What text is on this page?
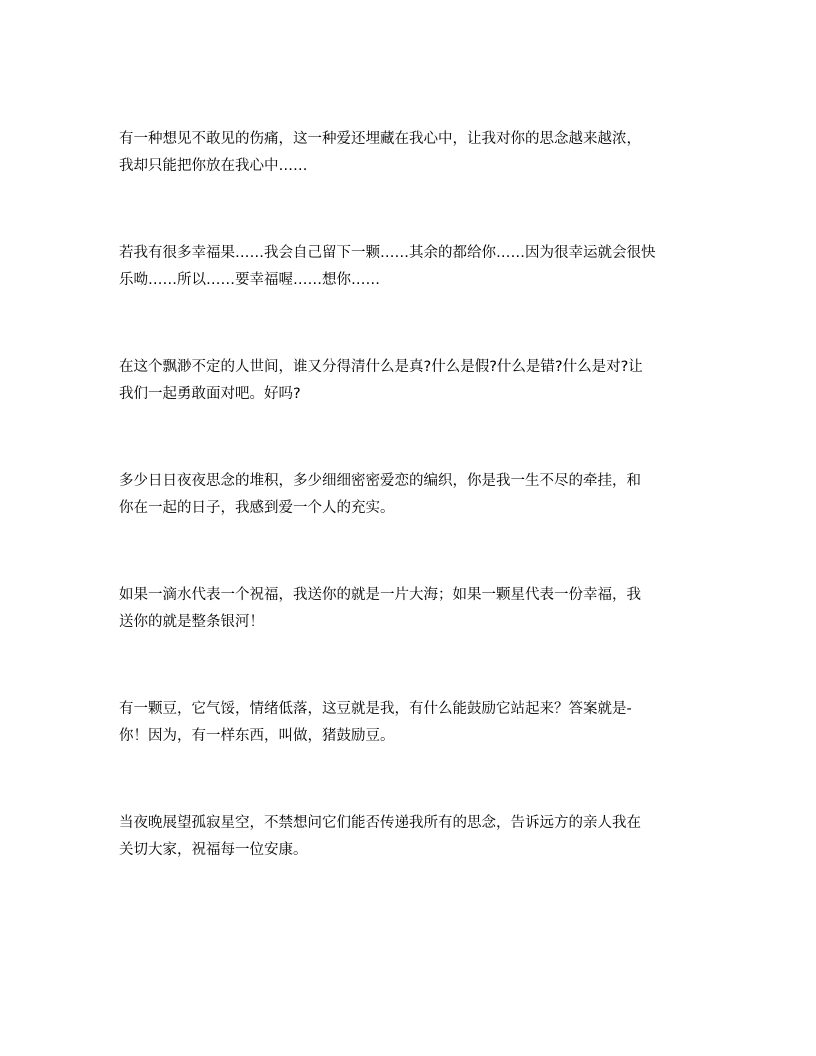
有一种想见不敢见的伤痛，这一种爱还埋藏在我心中，让我对你的思念越来越浓，
我却只能把你放在我心中……

若我有很多幸福果……我会自己留下一颗……其余的都给你……因为很幸运就会很快
乐呦……所以……要幸福喔……想你……

在这个飘渺不定的人世间，谁又分得清什么是真?什么是假?什么是错?什么是对?让
我们一起勇敢面对吧。好吗?

多少日日夜夜思念的堆积，多少细细密密爱恋的编织，你是我一生不尽的牵挂，和
你在一起的日子，我感到爱一个人的充实。

如果一滴水代表一个祝福，我送你的就是一片大海；如果一颗星代表一份幸福，我
送你的就是整条银河！

有一颗豆，它气馁，情绪低落，这豆就是我，有什么能鼓励它站起来？答案就是-
你！因为，有一样东西，叫做，猪鼓励豆。

当夜晚展望孤寂星空，不禁想问它们能否传递我所有的思念，告诉远方的亲人我在
关切大家，祝福每一位安康。
